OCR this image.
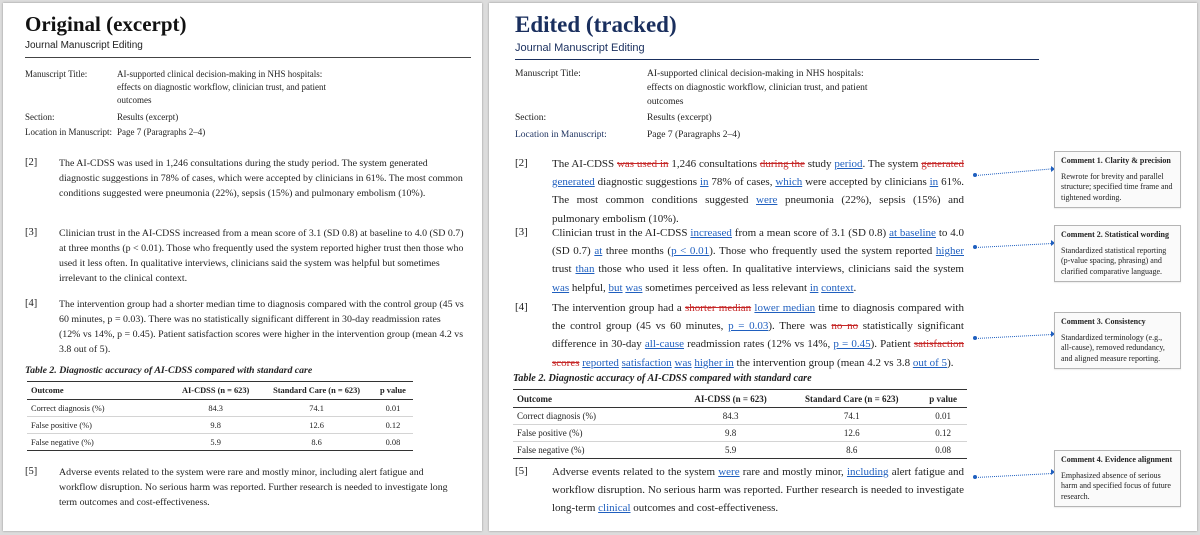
Original (excerpt)
Journal Manuscript Editing
Manuscript Title:	AI-supported clinical decision-making in NHS hospitals: effects on diagnostic workflow, clinician trust, and patient outcomes
Section:	Results (excerpt)
Location in Manuscript: Page 7 (Paragraphs 2–4)
[2] The AI-CDSS was used in 1,246 consultations during the study period. The system generated diagnostic suggestions in 78% of cases, which were accepted by clinicians in 61%. The most common conditions suggested were pneumonia (22%), sepsis (15%) and pulmonary embolism (10%).
[3] Clinician trust in the AI-CDSS increased from a mean score of 3.1 (SD 0.8) at baseline to 4.0 (SD 0.7) at three months (p < 0.01). Those who frequently used the system reported higher trust then those who used it less often. In qualitative interviews, clinicians said the system was helpful but sometimes irrelevant to the clinical context.
[4] The intervention group had a shorter median time to diagnosis compared with the control group (45 vs 60 minutes, p = 0.03). There was no statistically significant different in 30-day readmission rates (12% vs 14%, p = 0.45). Patient satisfaction scores were higher in the intervention group (mean 4.2 vs 3.8 out of 5).
Table 2. Diagnostic accuracy of AI-CDSS compared with standard care
Outcome	AI-CDSS (n = 623)	Standard Care (n = 623)	p value
Correct diagnosis (%)	84.3	74.1	0.01
False positive (%)	9.8	12.6	0.12
False negative (%)	5.9	8.6	0.08
[5] Adverse events related to the system were rare and mostly minor, including alert fatigue and workflow disruption. No serious harm was reported. Further research is needed to investigate long term outcomes and cost-effectiveness.
Edited (tracked)
Journal Manuscript Editing
Manuscript Title:	AI-supported clinical decision-making in NHS hospitals: effects on diagnostic workflow, clinician trust, and patient outcomes
Section:	Results (excerpt)
Location in Manuscript:	Page 7 (Paragraphs 2–4)
[2] The AI-CDSS was used in 1,246 consultations during the study period. The system generated generated diagnostic suggestions in 78% of cases, which were accepted by clinicians in 61%. The most common conditions suggested were pneumonia (22%), sepsis (15%) and pulmonary embolism (10%).
[3] Clinician trust in the AI-CDSS increased from a mean score of 3.1 (SD 0.8) at baseline to 4.0 (SD 0.7) at three months (p < 0.01). Those who frequently used the system reported higher trust than those who used it less often. In qualitative interviews, clinicians said the system was helpful, but was sometimes perceived as less relevant in context.
[4] The intervention group had a shorter median lower median time to diagnosis compared with the control group (45 vs 60 minutes, p = 0.03). There was no no statistically significant difference in 30-day all-cause readmission rates (12% vs 14%, p = 0.45). Patient satisfaction scores reported satisfaction was higher in the intervention group (mean 4.2 vs 3.8 out of 5).
Table 2. Diagnostic accuracy of AI-CDSS compared with standard care
Outcome	AI-CDSS (n = 623)	Standard Care (n = 623)	p value
Correct diagnosis (%)	84.3	74.1	0.01
False positive (%)	9.8	12.6	0.12
False negative (%)	5.9	8.6	0.08
[5] Adverse events related to the system were rare and mostly minor, including alert fatigue and workflow disruption. No serious harm was reported. Further research is needed to investigate long-term clinical outcomes and cost-effectiveness.
Comment 1. Clarity & precision
Rewrote for brevity and parallel structure; specified time frame and tightened wording.
Comment 2. Statistical wording
Standardized statistical reporting (p-value spacing, phrasing) and clarified comparative language.
Comment 3. Consistency
Standardized terminology (e.g., all-cause), removed redundancy, and aligned measure reporting.
Comment 4. Evidence alignment
Emphasized absence of serious harm and specified focus of future research.
